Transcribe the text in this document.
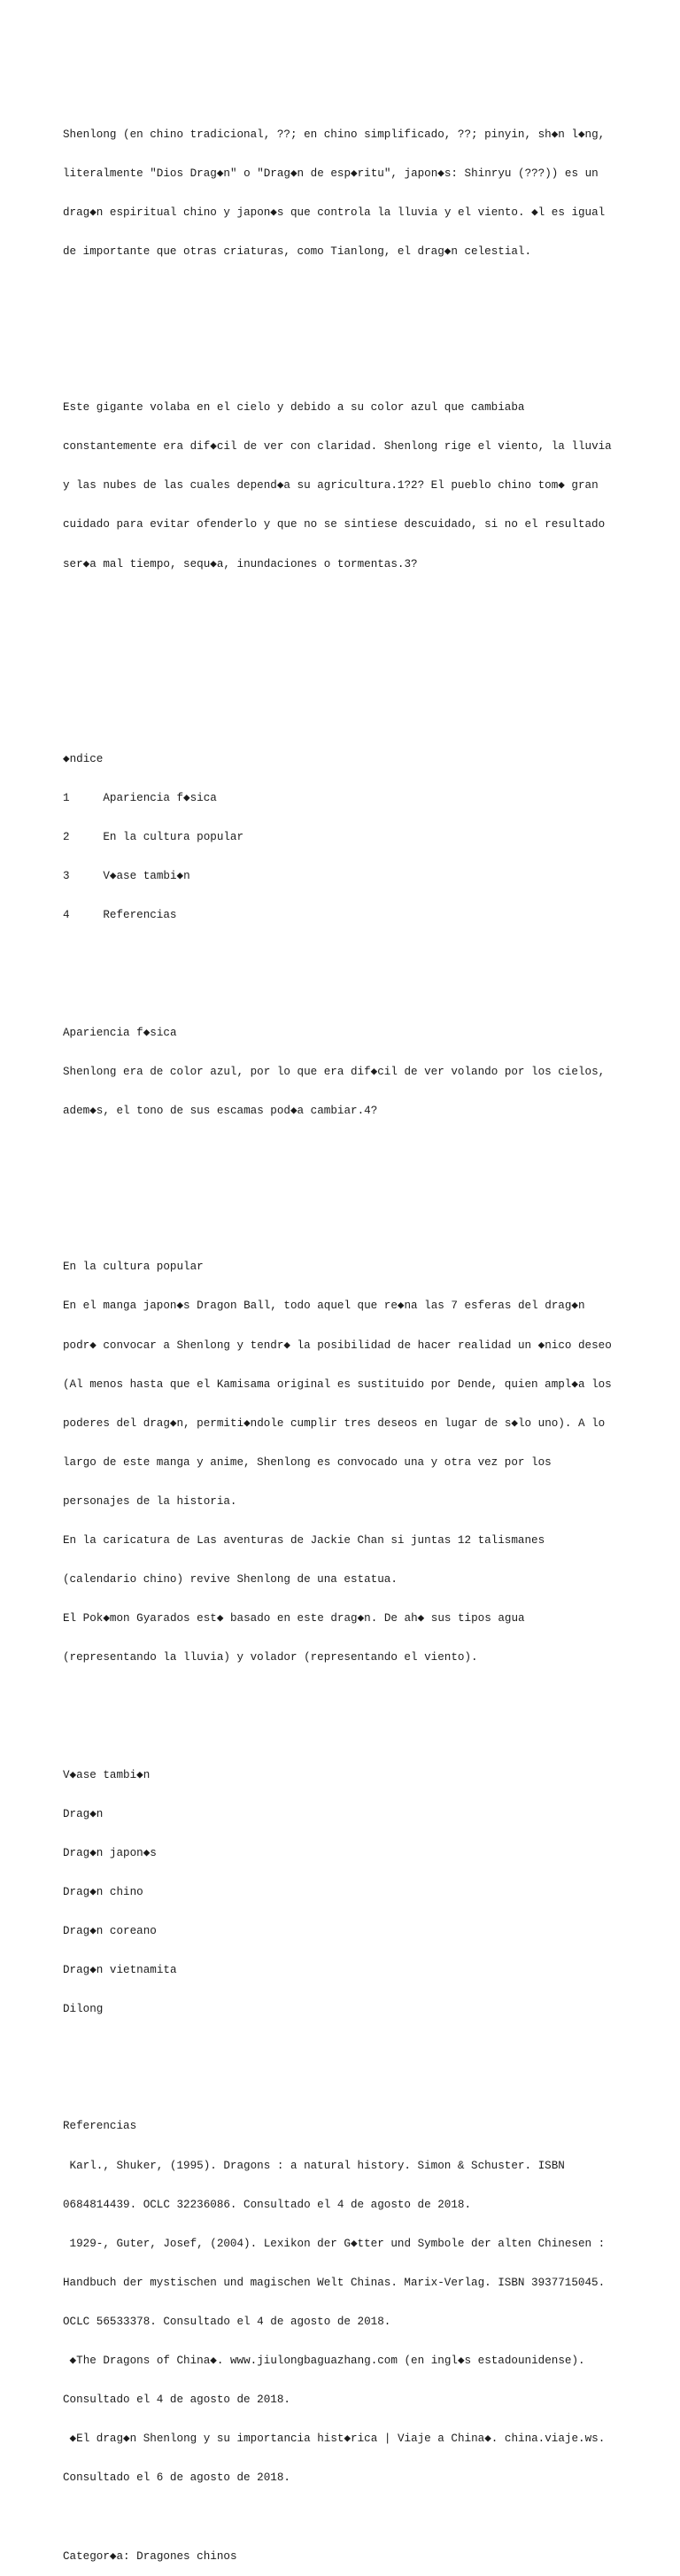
Shenlong (en chino tradicional, ??; en chino simplificado, ??; pinyin, sh◆n l◆ng,

literalmente "Dios Drag◆n" o "Drag◆n de esp◆ritu", japon◆s: Shinryu (???)) es un

drag◆n espiritual chino y japon◆s que controla la lluvia y el viento. ◆l es igual

de importante que otras criaturas, como Tianlong, el drag◆n celestial.

Este gigante volaba en el cielo y debido a su color azul que cambiaba

constantemente era dif◆cil de ver con claridad. Shenlong rige el viento, la lluvia

y las nubes de las cuales depend◆a su agricultura.1?2? El pueblo chino tom◆ gran

cuidado para evitar ofenderlo y que no se sintiese descuidado, si no el resultado

ser◆a mal tiempo, sequ◆a, inundaciones o tormentas.3?

◆ndice

1     Apariencia f◆sica

2     En la cultura popular

3     V◆ase tambi◆n

4     Referencias

Apariencia f◆sica

Shenlong era de color azul, por lo que era dif◆cil de ver volando por los cielos,

adem◆s, el tono de sus escamas pod◆a cambiar.4?

En la cultura popular

En el manga japon◆s Dragon Ball, todo aquel que re◆na las 7 esferas del drag◆n

podr◆ convocar a Shenlong y tendr◆ la posibilidad de hacer realidad un ◆nico deseo

(Al menos hasta que el Kamisama original es sustituido por Dende, quien ampl◆a los

poderes del drag◆n, permiti◆ndole cumplir tres deseos en lugar de s◆lo uno). A lo

largo de este manga y anime, Shenlong es convocado una y otra vez por los

personajes de la historia.

En la caricatura de Las aventuras de Jackie Chan si juntas 12 talismanes

(calendario chino) revive Shenlong de una estatua.

El Pok◆mon Gyarados est◆ basado en este drag◆n. De ah◆ sus tipos agua

(representando la lluvia) y volador (representando el viento).

V◆ase tambi◆n

Drag◆n

Drag◆n japon◆s

Drag◆n chino

Drag◆n coreano

Drag◆n vietnamita

Dilong

Referencias

Karl., Shuker, (1995). Dragons : a natural history. Simon & Schuster. ISBN

0684814439. OCLC 32236086. Consultado el 4 de agosto de 2018.

1929-, Guter, Josef, (2004). Lexikon der G◆tter und Symbole der alten Chinesen :

Handbuch der mystischen und magischen Welt Chinas. Marix-Verlag. ISBN 3937715045.

OCLC 56533378. Consultado el 4 de agosto de 2018.

◆The Dragons of China◆. www.jiulongbaguazhang.com (en ingl◆s estadounidense).

Consultado el 4 de agosto de 2018.

◆El drag◆n Shenlong y su importancia hist◆rica | Viaje a China◆. china.viaje.ws.

Consultado el 6 de agosto de 2018.

Categor◆a: Dragones chinos
